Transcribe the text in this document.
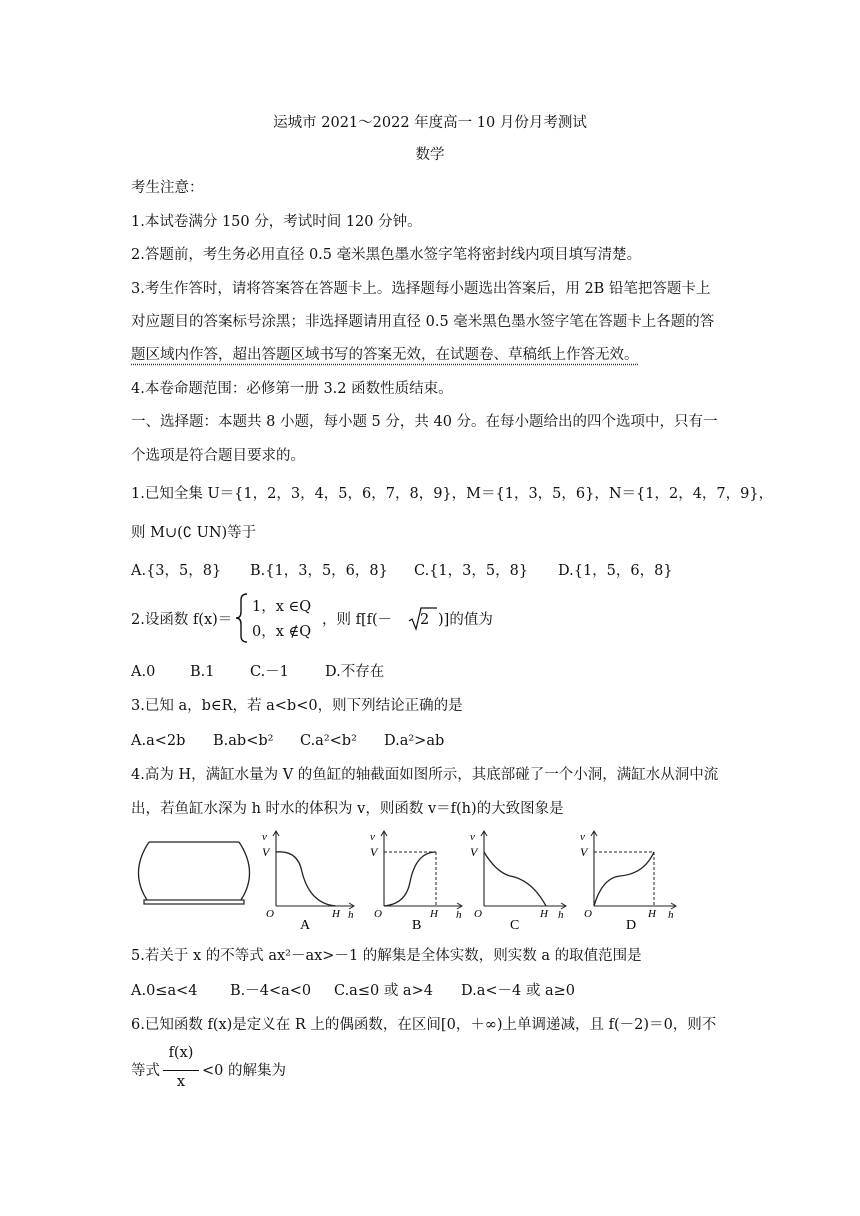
运城市 2021～2022 年度高一 10 月份月考测试
数学
考生注意：
1.本试卷满分 150 分，考试时间 120 分钟。
2.答题前，考生务必用直径 0.5 毫米黑色墨水签字笔将密封线内项目填写清楚。
3.考生作答时，请将答案答在答题卡上。选择题每小题选出答案后，用 2B 铅笔把答题卡上
对应题目的答案标号涂黑；非选择题请用直径 0.5 毫米黑色墨水签字笔在答题卡上各题的答
题区域内作答，超出答题区域书写的答案无效，在试题卷、草稿纸上作答无效。
4.本卷命题范围：必修第一册 3.2 函数性质结束。
一、选择题：本题共 8 小题，每小题 5 分，共 40 分。在每小题给出的四个选项中，只有一
个选项是符合题目要求的。
1.已知全集 U＝{1，2，3，4，5，6，7，8，9}，M＝{1，3，5，6}，N＝{1，2，4，7，9}，
则 M∪(∁ UN)等于
A.{3，5，8} B.{1，3，5，6，8} C.{1，3，5，8} D.{1，5，6，8}
2.设函数 f(x)＝
1，x ∈Q
0，x ∉Q
，则 f[f(－ 2 )]的值为
A.0 B.1 C.－1 D.不存在
3.已知 a，b∈R，若 a<b<0，则下列结论正确的是
A.a<2b B.ab<b² C.a²<b² D.a²>ab
4.高为 H，满缸水量为 V 的鱼缸的轴截面如图所示，其底部碰了一个小洞，满缸水从洞中流
出，若鱼缸水深为 h 时水的体积为 v，则函数 v＝f(h)的大致图象是
v
V
O	H h
A
v
V
O	H h
B
v
V
O	H h
C
v
V
O	H h
D
5.若关于 x 的不等式 ax²－ax>－1 的解集是全体实数，则实数 a 的取值范围是
A.0≤a<4 B.－4<a<0 C.a≤0 或 a>4 D.a<－4 或 a≥0
6.已知函数 f(x)是定义在 R 上的偶函数，在区间[0，＋∞)上单调递减，且 f(－2)＝0，则不
等式
f(x)
x
<0 的解集为
